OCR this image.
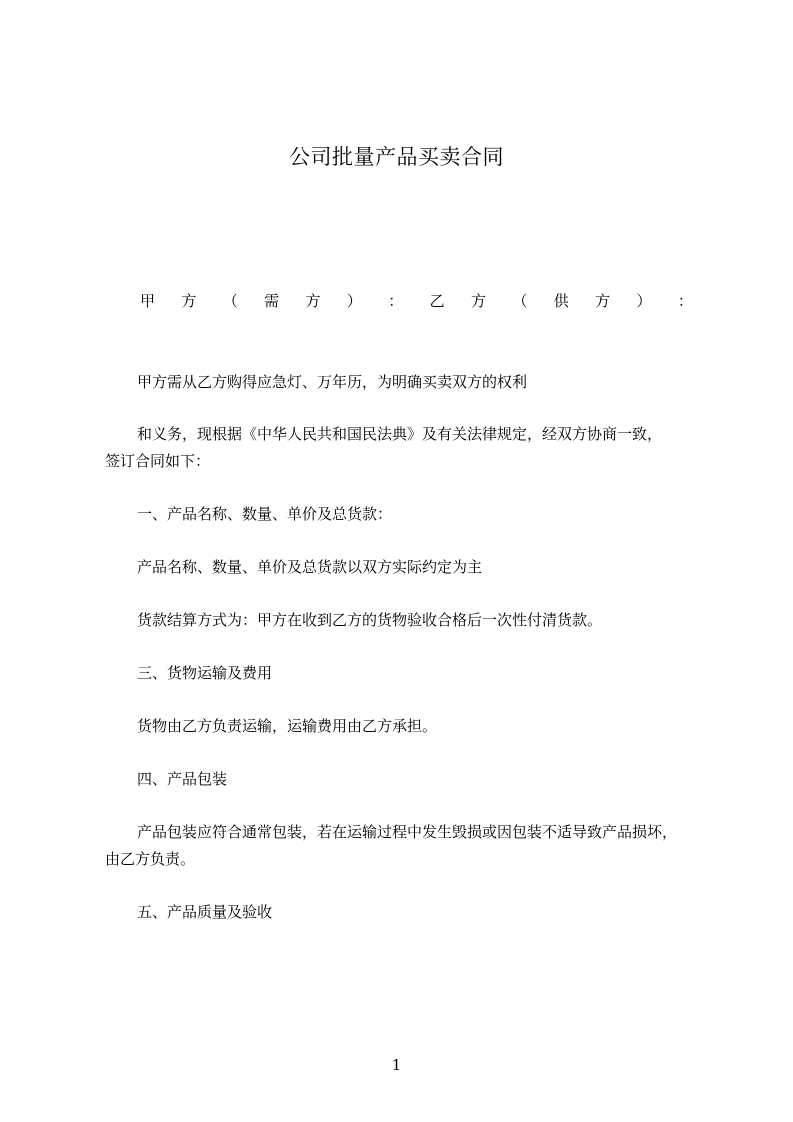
公司批量产品买卖合同
甲 方 （ 需 方 ） ： 乙 方 （ 供 方 ） ：
甲方需从乙方购得应急灯、万年历，为明确买卖双方的权利
和义务，现根据《中华人民共和国民法典》及有关法律规定，经双方协商一致，
签订合同如下：
一、产品名称、数量、单价及总货款：
产品名称、数量、单价及总货款以双方实际约定为主
货款结算方式为：甲方在收到乙方的货物验收合格后一次性付清货款。
三、货物运输及费用
货物由乙方负责运输，运输费用由乙方承担。
四、产品包装
产品包装应符合通常包装，若在运输过程中发生毁损或因包装不适导致产品损坏，
由乙方负责。
五、产品质量及验收
1
